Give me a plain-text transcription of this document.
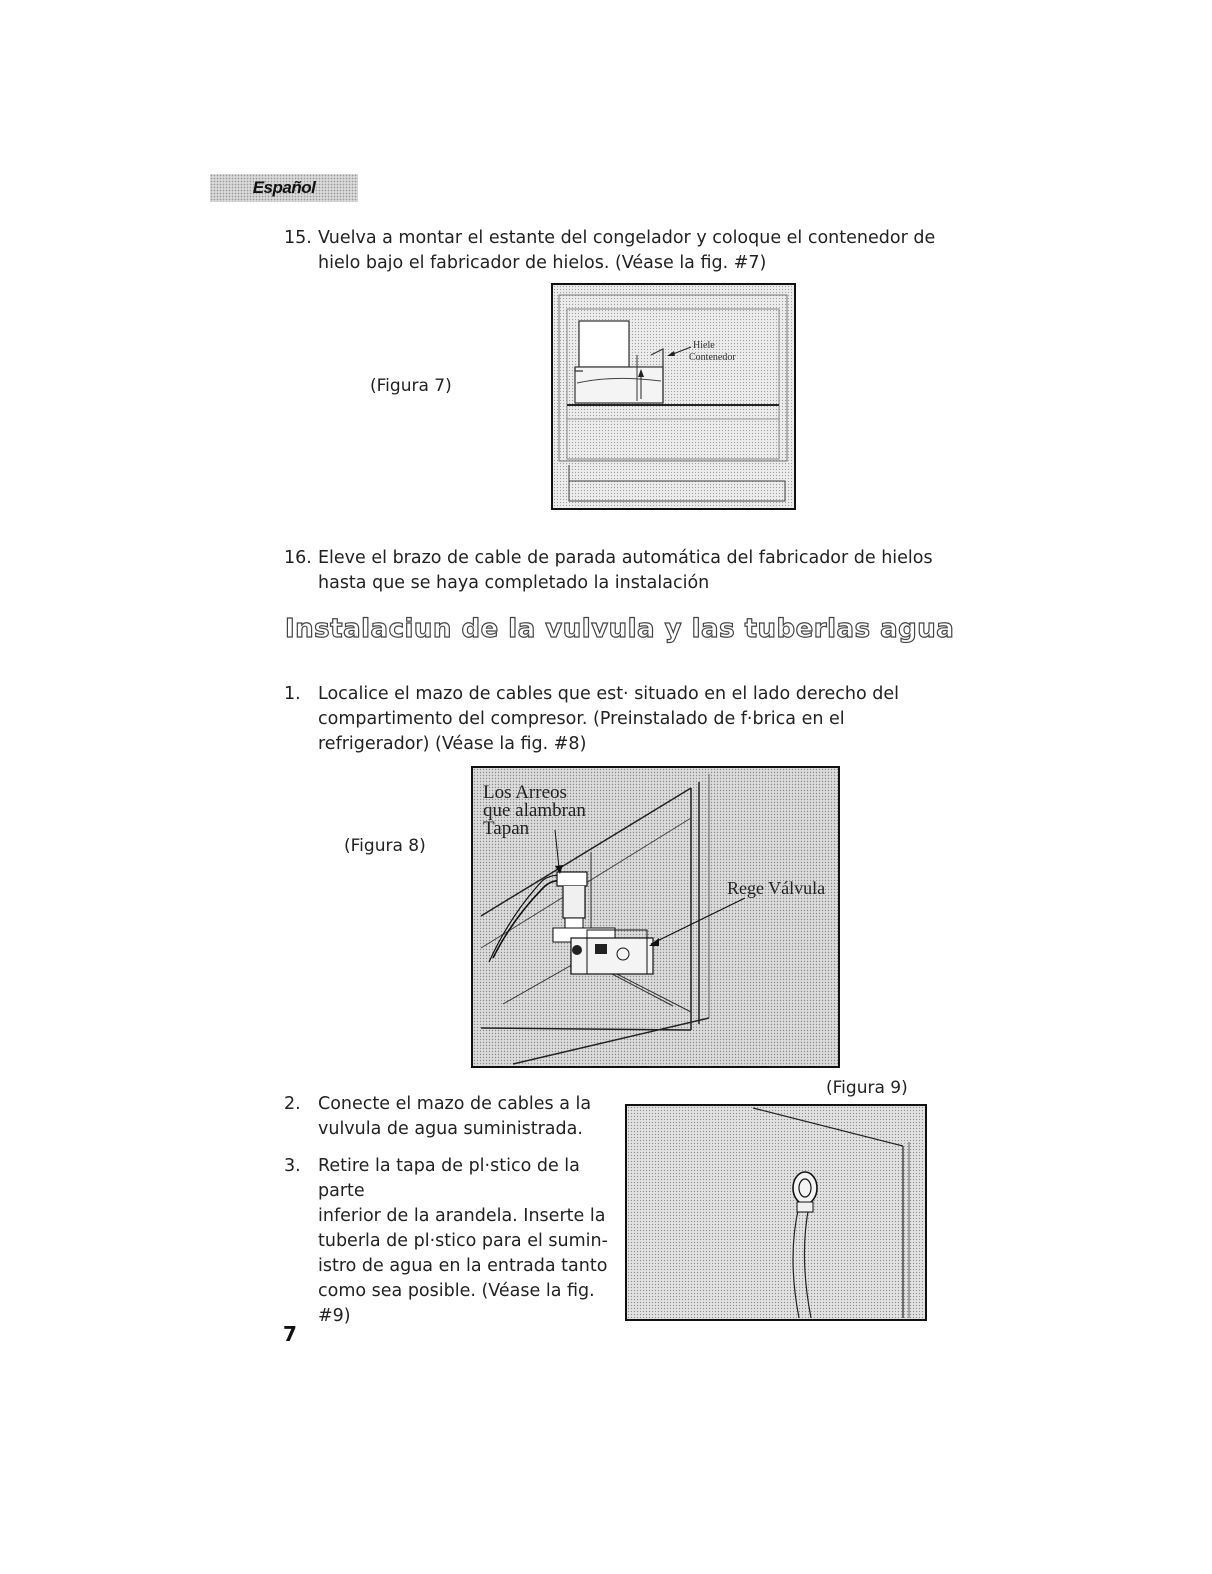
Español
15. Vuelva a montar el estante del congelador y coloque el contenedor de
hielo bajo el fabricador de hielos. (Véase la fig. #7)
(Figura 7)
Hiele
Contenedor
16. Eleve el brazo de cable de parada automática del fabricador de hielos
hasta que se haya completado la instalación
Instalaciun de la vulvula y las tuberlas agua
1. Localice el mazo de cables que est· situado en el lado derecho del
compartimento del compresor. (Preinstalado de f·brica en el
refrigerador) (Véase la fig. #8)
(Figura 8)
Los Arreos
que alambran
Tapan
Rege Válvula
(Figura 9)
2. Conecte el mazo de cables a la
vulvula de agua suministrada.
3. Retire la tapa de pl·stico de la parte
inferior de la arandela. Inserte la
tuberla de pl·stico para el sumin-
istro de agua en la entrada tanto
como sea posible. (Véase la fig. #9)
7
